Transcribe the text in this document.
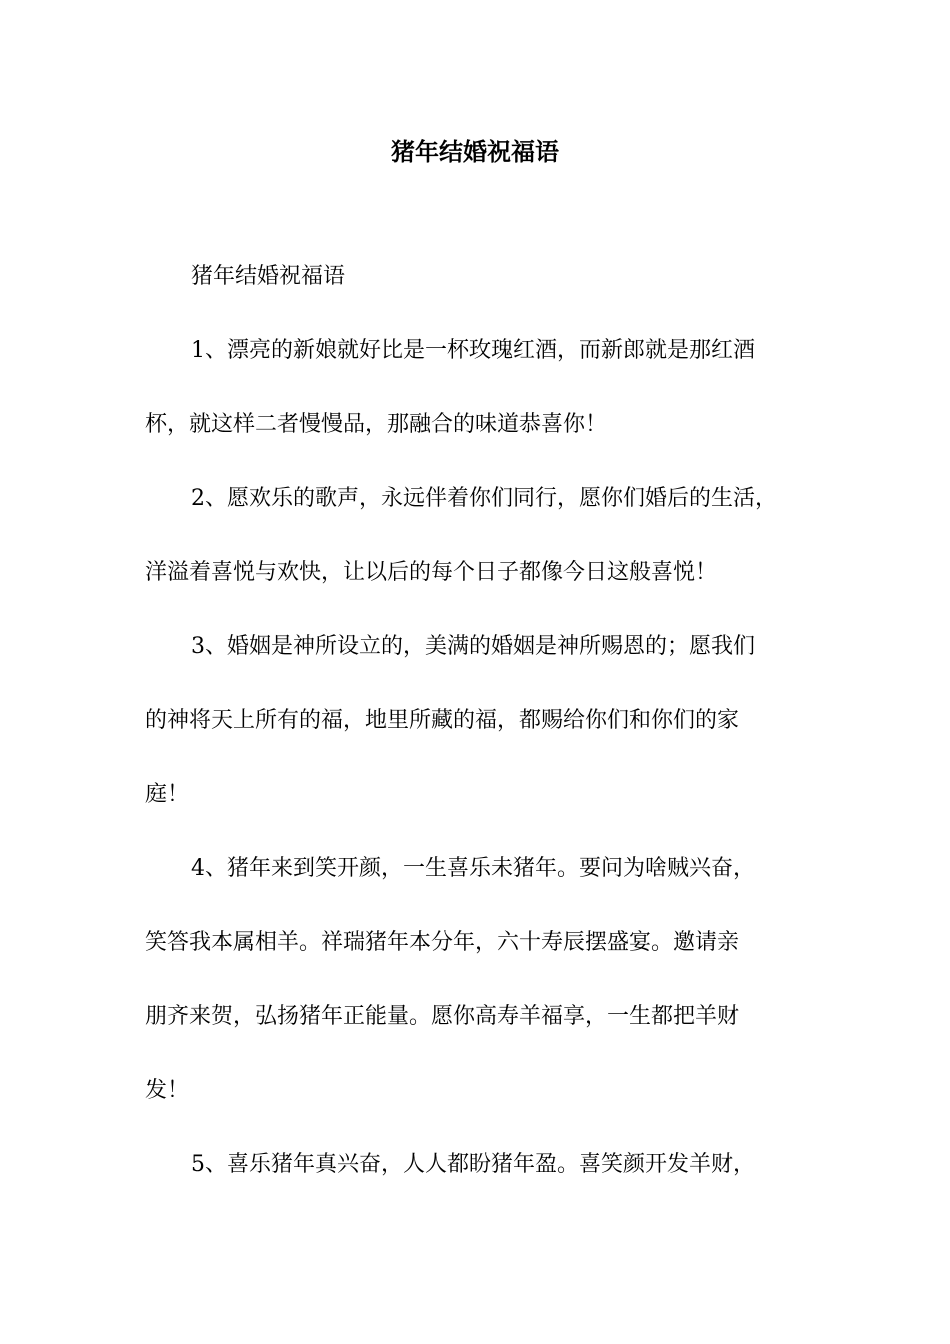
猪年结婚祝福语
猪年结婚祝福语
1、漂亮的新娘就好比是一杯玫瑰红酒，而新郎就是那红酒
杯，就这样二者慢慢品，那融合的味道恭喜你！
2、愿欢乐的歌声，永远伴着你们同行，愿你们婚后的生活，
洋溢着喜悦与欢快，让以后的每个日子都像今日这般喜悦！
3、婚姻是神所设立的，美满的婚姻是神所赐恩的；愿我们
的神将天上所有的福，地里所藏的福，都赐给你们和你们的家
庭！
4、猪年来到笑开颜，一生喜乐未猪年。要问为啥贼兴奋，
笑答我本属相羊。祥瑞猪年本分年，六十寿辰摆盛宴。邀请亲
朋齐来贺，弘扬猪年正能量。愿你高寿羊福享，一生都把羊财
发！
5、喜乐猪年真兴奋，人人都盼猪年盈。喜笑颜开发羊财，
